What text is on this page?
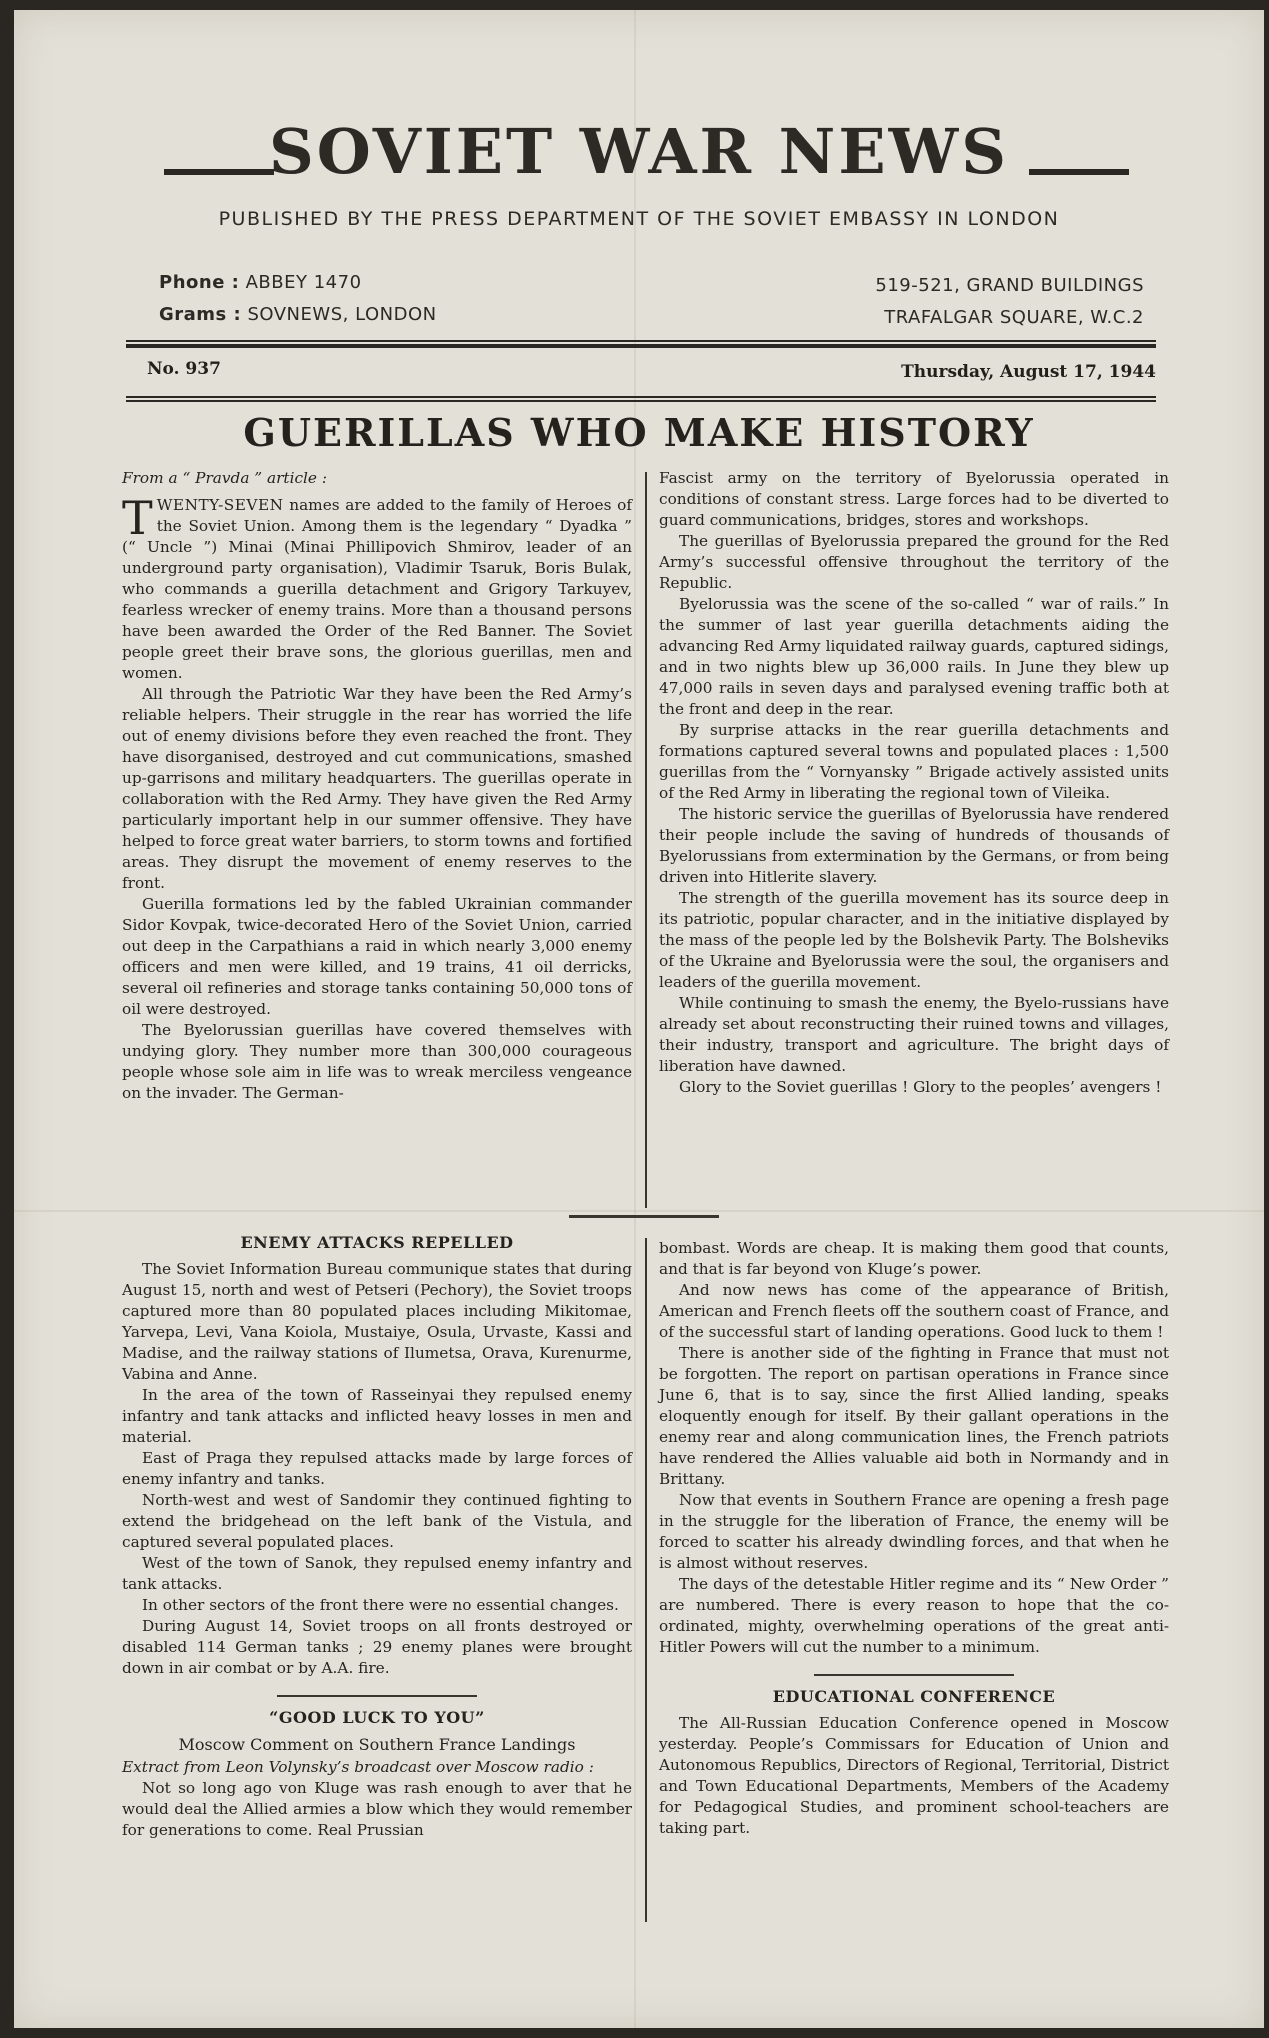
SOVIET WAR NEWS
PUBLISHED BY THE PRESS DEPARTMENT OF THE SOVIET EMBASSY IN LONDON
Phone : ABBEY 1470
Grams : SOVNEWS, LONDON
519-521, GRAND BUILDINGS
TRAFALGAR SQUARE, W.C.2
No. 937	Thursday, August 17, 1944
GUERILLAS WHO MAKE HISTORY

From a “ Pravda ” article :

TWENTY-SEVEN names are added to the family of Heroes of the Soviet Union. Among them is the legendary “ Dyadka ” (“ Uncle ”) Minai (Minai Phillipovich Shmirov, leader of an underground party organisation), Vladimir Tsaruk, Boris Bulak, who commands a guerilla detachment and Grigory Tarkuyev, fearless wrecker of enemy trains. More than a thousand persons have been awarded the Order of the Red Banner. The Soviet people greet their brave sons, the glorious guerillas, men and women.

All through the Patriotic War they have been the Red Army’s reliable helpers. Their struggle in the rear has worried the life out of enemy divisions before they even reached the front. They have disorganised, destroyed and cut communications, smashed up-garrisons and military headquarters. The guerillas operate in collaboration with the Red Army. They have given the Red Army particularly important help in our summer offensive. They have helped to force great water barriers, to storm towns and fortified areas. They disrupt the movement of enemy reserves to the front.

Guerilla formations led by the fabled Ukrainian commander Sidor Kovpak, twice-decorated Hero of the Soviet Union, carried out deep in the Carpathians a raid in which nearly 3,000 enemy officers and men were killed, and 19 trains, 41 oil derricks, several oil refineries and storage tanks containing 50,000 tons of oil were destroyed.

The Byelorussian guerillas have covered themselves with undying glory. They number more than 300,000 courageous people whose sole aim in life was to wreak merciless vengeance on the invader. The German-

Fascist army on the territory of Byelorussia operated in conditions of constant stress. Large forces had to be diverted to guard communications, bridges, stores and workshops.

The guerillas of Byelorussia prepared the ground for the Red Army’s successful offensive throughout the territory of the Republic.

Byelorussia was the scene of the so-called “ war of rails.” In the summer of last year guerilla detachments aiding the advancing Red Army liquidated railway guards, captured sidings, and in two nights blew up 36,000 rails. In June they blew up 47,000 rails in seven days and paralysed evening traffic both at the front and deep in the rear.

By surprise attacks in the rear guerilla detachments and formations captured several towns and populated places : 1,500 guerillas from the “ Vornyansky ” Brigade actively assisted units of the Red Army in liberating the regional town of Vileika.

The historic service the guerillas of Byelorussia have rendered their people include the saving of hundreds of thousands of Byelorussians from extermination by the Germans, or from being driven into Hitlerite slavery.

The strength of the guerilla movement has its source deep in its patriotic, popular character, and in the initiative displayed by the mass of the people led by the Bolshevik Party. The Bolsheviks of the Ukraine and Byelorussia were the soul, the organisers and leaders of the guerilla movement.

While continuing to smash the enemy, the Byelo-russians have already set about reconstructing their ruined towns and villages, their industry, transport and agriculture. The bright days of liberation have dawned.

Glory to the Soviet guerillas ! Glory to the peoples’ avengers !

ENEMY ATTACKS REPELLED

The Soviet Information Bureau communique states that during August 15, north and west of Petseri (Pechory), the Soviet troops captured more than 80 populated places including Mikitomae, Yarvepa, Levi, Vana Koiola, Mustaiye, Osula, Urvaste, Kassi and Madise, and the railway stations of Ilumetsa, Orava, Kurenurme, Vabina and Anne.

In the area of the town of Rasseinyai they repulsed enemy infantry and tank attacks and inflicted heavy losses in men and material.

East of Praga they repulsed attacks made by large forces of enemy infantry and tanks.

North-west and west of Sandomir they continued fighting to extend the bridgehead on the left bank of the Vistula, and captured several populated places.

West of the town of Sanok, they repulsed enemy infantry and tank attacks.

In other sectors of the front there were no essential changes.

During August 14, Soviet troops on all fronts destroyed or disabled 114 German tanks ; 29 enemy planes were brought down in air combat or by A.A. fire.

“GOOD LUCK TO YOU”

Moscow Comment on Southern France Landings

Extract from Leon Volynsky’s broadcast over Moscow radio :

Not so long ago von Kluge was rash enough to aver that he would deal the Allied armies a blow which they would remember for generations to come. Real Prussian

bombast. Words are cheap. It is making them good that counts, and that is far beyond von Kluge’s power.

And now news has come of the appearance of British, American and French fleets off the southern coast of France, and of the successful start of landing operations. Good luck to them !

There is another side of the fighting in France that must not be forgotten. The report on partisan operations in France since June 6, that is to say, since the first Allied landing, speaks eloquently enough for itself. By their gallant operations in the enemy rear and along communication lines, the French patriots have rendered the Allies valuable aid both in Normandy and in Brittany.

Now that events in Southern France are opening a fresh page in the struggle for the liberation of France, the enemy will be forced to scatter his already dwindling forces, and that when he is almost without reserves.

The days of the detestable Hitler regime and its “ New Order ” are numbered. There is every reason to hope that the co-ordinated, mighty, overwhelming operations of the great anti-Hitler Powers will cut the number to a minimum.

EDUCATIONAL CONFERENCE

The All-Russian Education Conference opened in Moscow yesterday. People’s Commissars for Education of Union and Autonomous Republics, Directors of Regional, Territorial, District and Town Educational Departments, Members of the Academy for Pedagogical Studies, and prominent school-teachers are taking part.
